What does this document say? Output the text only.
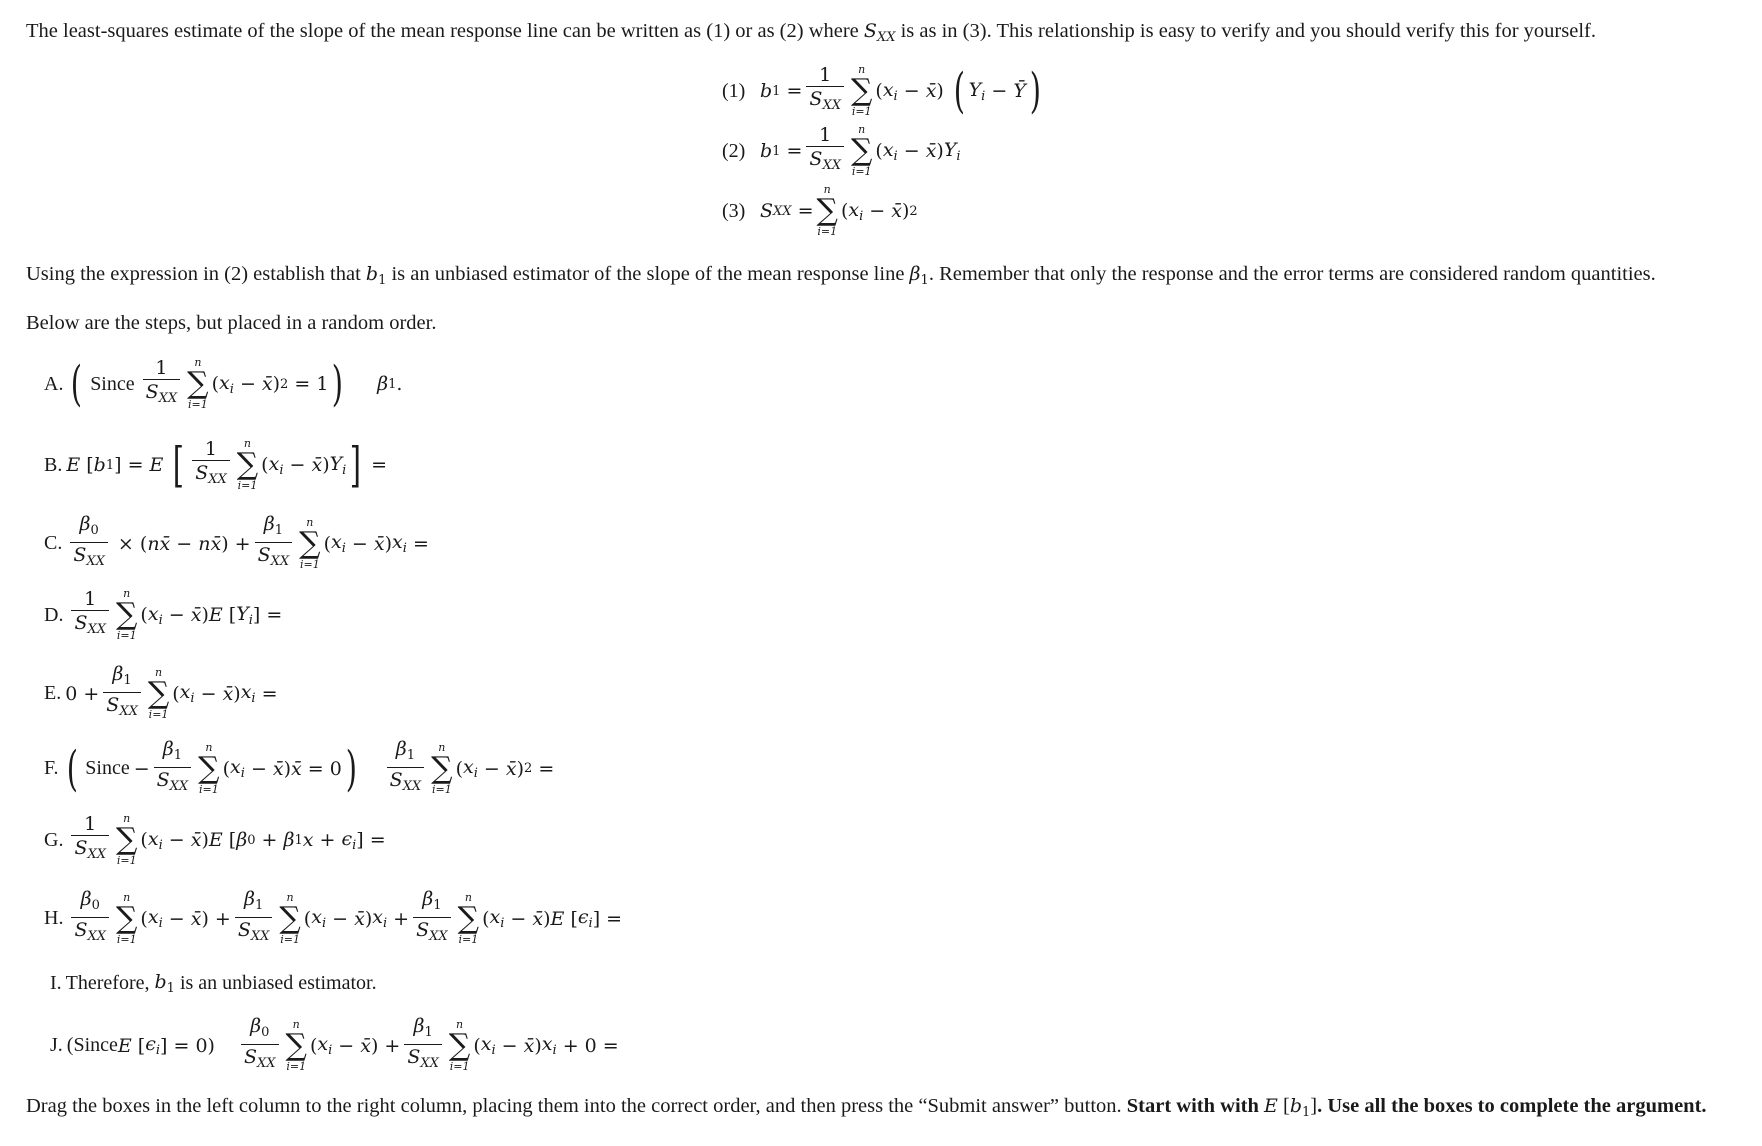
The least-squares estimate of the slope of the mean response line can be written as (1) or as (2) where $S_{XX}$ is as in (3). This relationship is easy to verify and you should verify this for yourself.

(1) b $1 = \frac{1}{S_{XX}}$ n
∑
i=1
( $x_i$ − x̄ ) ( $Y_i$ − Ȳ )
(2) b $1 = \frac{1}{S_{XX}}$ n
∑
i=1
( $x_i$ − x̄ ) $Y_i$
(3) S XX =
n
∑
i=1
( $x_i$ − x̄ ) 2

Using the expression in (2) establish that $b_1$ is an unbiased estimator of the slope of the mean response line $\beta_1$. Remember that only the response and the error terms are considered random quantities.

Below are the steps, but placed in a random order.

A. ( Since $\frac{1}{S_{XX}}$ n
∑
i=1
( $x_i$ − x̄ ) 2 = 1 ) β 1 .
B. E [ b 1 ] = E
[ $\frac{1}{S_{XX}}$ n
∑
i=1
( $x_i$ − x̄ ) $Y_i$ ] =
C. $\frac{\beta_0}{S_{XX}}$ × ( nx̄ − nx̄ ) + $\frac{\beta_1}{S_{XX}}$ n
∑
i=1
( $x_i$ − x̄ ) $x_i$ =
D. $\frac{1}{S_{XX}}$ n
∑
i=1
( $x_i$ − x̄ ) E [ $Y_i$ ] =
E. $0 + \frac{\beta_1}{S_{XX}}$ n
∑
i=1
( $x_i$ − x̄ ) $x_i$ =
F. ( Since − $\frac{\beta_1}{S_{XX}}$ n
∑
i=1
( $x_i$ − x̄ ) x̄ = 0 ) $\frac{\beta_1}{S_{XX}}$ n
∑
i=1
( $x_i$ − x̄ ) 2 =
G. $\frac{1}{S_{XX}}$ n
∑
i=1
( $x_i$ − x̄ ) E [ β 0 + β 1 $x + \epsilon_i$ ] =
H. $\frac{\beta_0}{S_{XX}}$ n
∑
i=1
( $x_i$ − x̄ ) + $\frac{\beta_1}{S_{XX}}$ n
∑
i=1
( $x_i$ − x̄ ) $x_i + \frac{\beta_1}{S_{XX}}$ n
∑
i=1
( $x_i$ − x̄ ) E [ $\epsilon_i$ ] =
I. Therefore,
$b_1$
is an unbiased estimator.
J. (Since E [ $\epsilon_i$ ] = $0) \frac{\beta_0}{S_{XX}}$ n
∑
i=1
( $x_i$ − x̄ ) + $\frac{\beta_1}{S_{XX}}$ n
∑
i=1
( $x_i$ − x̄ ) $x_i + 0$ =

Drag the boxes in the left column to the right column, placing them into the correct order, and then press the “Submit answer” button. Start with with E $[b_1]$. Use all the boxes to complete the argument.
